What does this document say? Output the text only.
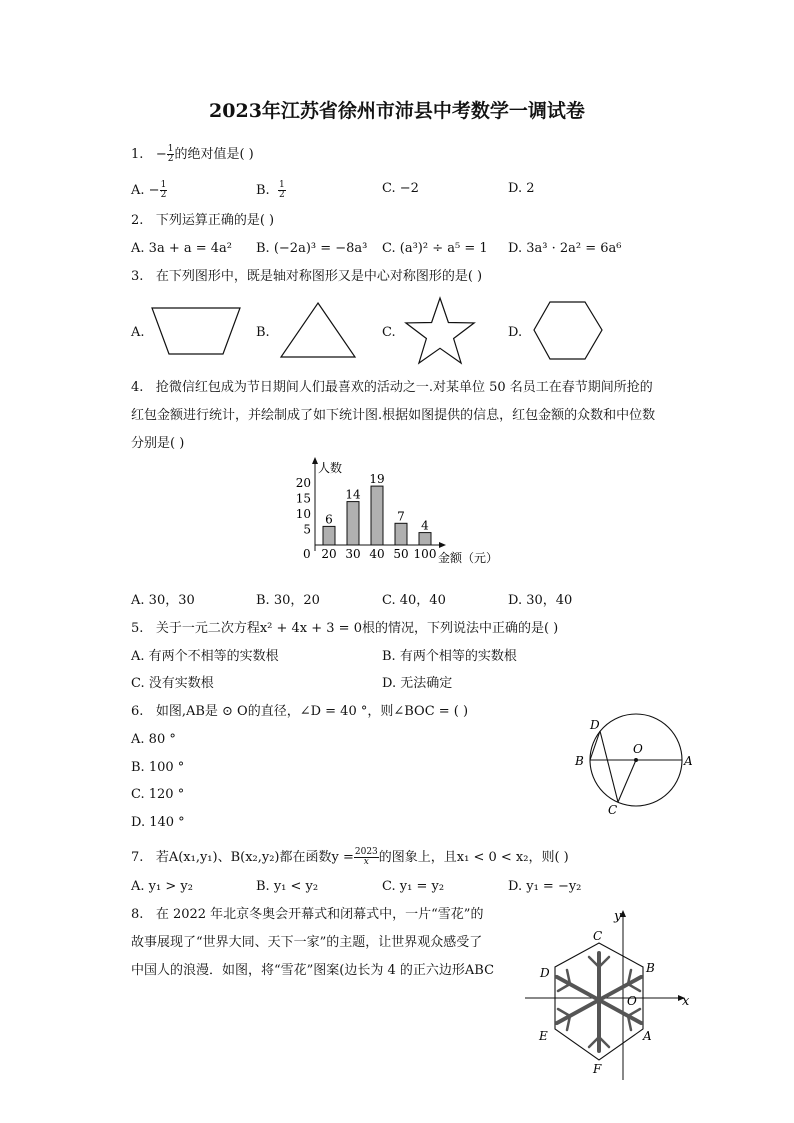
2023年江苏省徐州市沛县中考数学一调试卷
1. − $\frac{1}{2}$ 的绝对值是( )
A. − $\frac{1}{2}$	B. $\frac{1}{2}$	C. −2	D. 2
2. 下列运算正确的是( )
A. 3a + a = 4a² B. (−2a)³ = −8a³ C. (a³)² ÷ a⁵ = 1 D. 3a³ · 2a² = 6a⁶
3. 在下列图形中，既是轴对称图形又是中心对称图形的是( )
A.	B.	C.	D.
4. 抢微信红包成为节日期间人们最喜欢的活动之一.对某单位 50 名员工在春节期间所抢的
红包金额进行统计，并绘制成了如下统计图.根据如图提供的信息，红包金额的众数和中位数
分别是( )
人数
金额（元）
0
5
10
15
20
6
20
14
30
19
40
7
50
4
100
A. 30，30	B. 30，20	C. 40，40	D. 30，40
5. 关于一元二次方程x² + 4x + 3 = 0根的情况，下列说法中正确的是( )
A. 有两个不相等的实数根	B. 有两个相等的实数根
C. 没有实数根	D. 无法确定
6. 如图,AB是 ⊙ O的直径，∠D = 40 °，则∠BOC = ( )
A. 80 °
B. 100 °
C. 120 °
D. 140 °
D
O
B	A
C
7. 若A(x₁,y₁)、B(x₂,y₂)都在函数$y = \frac{2023}{x}$ 的图象上，且x₁ < 0 < x₂，则( )
A. y₁ > y₂	B. y₁ < y₂	C. y₁ = y₂	D. y₁ = −y₂
8. 在 2022 年北京冬奥会开幕式和闭幕式中，一片“雪花”的
故事展现了“世界大同、天下一家”的主题，让世界观众感受了
中国人的浪漫．如图，将“雪花”图案(边长为 4 的正六边形ABC
y
x
O
C
B
D
E	A
F
